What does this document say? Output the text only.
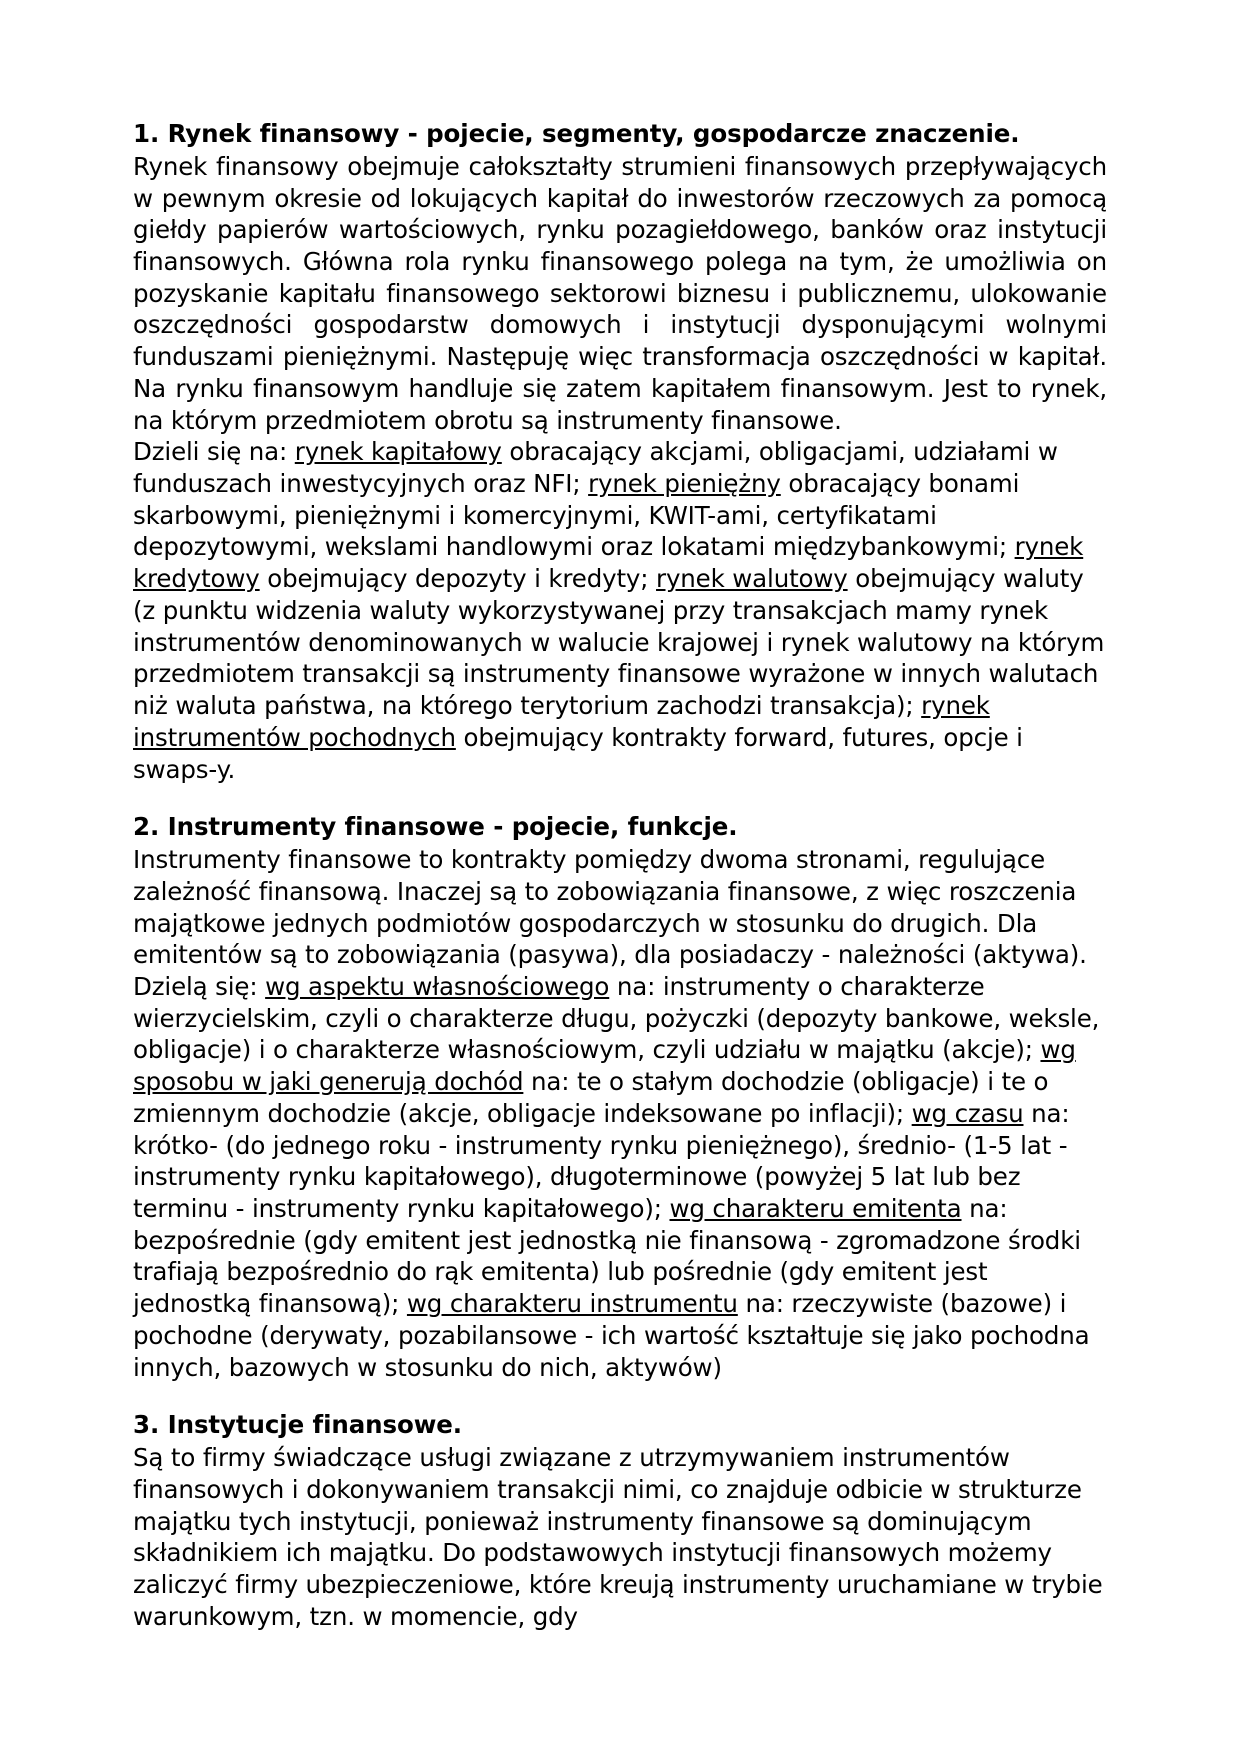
1. Rynek finansowy - pojecie, segmenty, gospodarcze znaczenie.

Rynek finansowy obejmuje całokształty strumieni finansowych przepływających w pewnym okresie od lokujących kapitał do inwestorów rzeczowych za pomocą giełdy papierów wartościowych, rynku pozagiełdowego, banków oraz instytucji finansowych. Główna rola rynku finansowego polega na tym, że umożliwia on pozyskanie kapitału finansowego sektorowi biznesu i publicznemu, ulokowanie oszczędności gospodarstw domowych i instytucji dysponującymi wolnymi funduszami pieniężnymi. Następuję więc transformacja oszczędności w kapitał. Na rynku finansowym handluje się zatem kapitałem finansowym. Jest to rynek, na którym przedmiotem obrotu są instrumenty finansowe.

Dzieli się na: rynek kapitałowy obracający akcjami, obligacjami, udziałami w funduszach inwestycyjnych oraz NFI; rynek pieniężny obracający bonami skarbowymi, pieniężnymi i komercyjnymi, KWIT-ami, certyfikatami depozytowymi, wekslami handlowymi oraz lokatami międzybankowymi; rynek kredytowy obejmujący depozyty i kredyty; rynek walutowy obejmujący waluty (z punktu widzenia waluty wykorzystywanej przy transakcjach mamy rynek instrumentów denominowanych w walucie krajowej i rynek walutowy na którym przedmiotem transakcji są instrumenty finansowe wyrażone w innych walutach niż waluta państwa, na którego terytorium zachodzi transakcja); rynek instrumentów pochodnych obejmujący kontrakty forward, futures, opcje i swaps-y.

2. Instrumenty finansowe - pojecie, funkcje.

Instrumenty finansowe to kontrakty pomiędzy dwoma stronami, regulujące zależność finansową. Inaczej są to zobowiązania finansowe, z więc roszczenia majątkowe jednych podmiotów gospodarczych w stosunku do drugich. Dla emitentów są to zobowiązania (pasywa), dla posiadaczy - należności (aktywa). Dzielą się: wg aspektu własnościowego na: instrumenty o charakterze wierzycielskim, czyli o charakterze długu, pożyczki (depozyty bankowe, weksle, obligacje) i o charakterze własnościowym, czyli udziału w majątku (akcje); wg sposobu w jaki generują dochód na: te o stałym dochodzie (obligacje) i te o zmiennym dochodzie (akcje, obligacje indeksowane po inflacji); wg czasu na: krótko- (do jednego roku - instrumenty rynku pieniężnego), średnio- (1-5 lat - instrumenty rynku kapitałowego), długoterminowe (powyżej 5 lat lub bez terminu - instrumenty rynku kapitałowego); wg charakteru emitenta na: bezpośrednie (gdy emitent jest jednostką nie finansową - zgromadzone środki trafiają bezpośrednio do rąk emitenta) lub pośrednie (gdy emitent jest jednostką finansową); wg charakteru instrumentu na: rzeczywiste (bazowe) i pochodne (derywaty, pozabilansowe - ich wartość kształtuje się jako pochodna innych, bazowych w stosunku do nich, aktywów)

3. Instytucje finansowe.

Są to firmy świadczące usługi związane z utrzymywaniem instrumentów finansowych i dokonywaniem transakcji nimi, co znajduje odbicie w strukturze majątku tych instytucji, ponieważ instrumenty finansowe są dominującym składnikiem ich majątku. Do podstawowych instytucji finansowych możemy zaliczyć firmy ubezpieczeniowe, które kreują instrumenty uruchamiane w trybie warunkowym, tzn. w momencie, gdy
